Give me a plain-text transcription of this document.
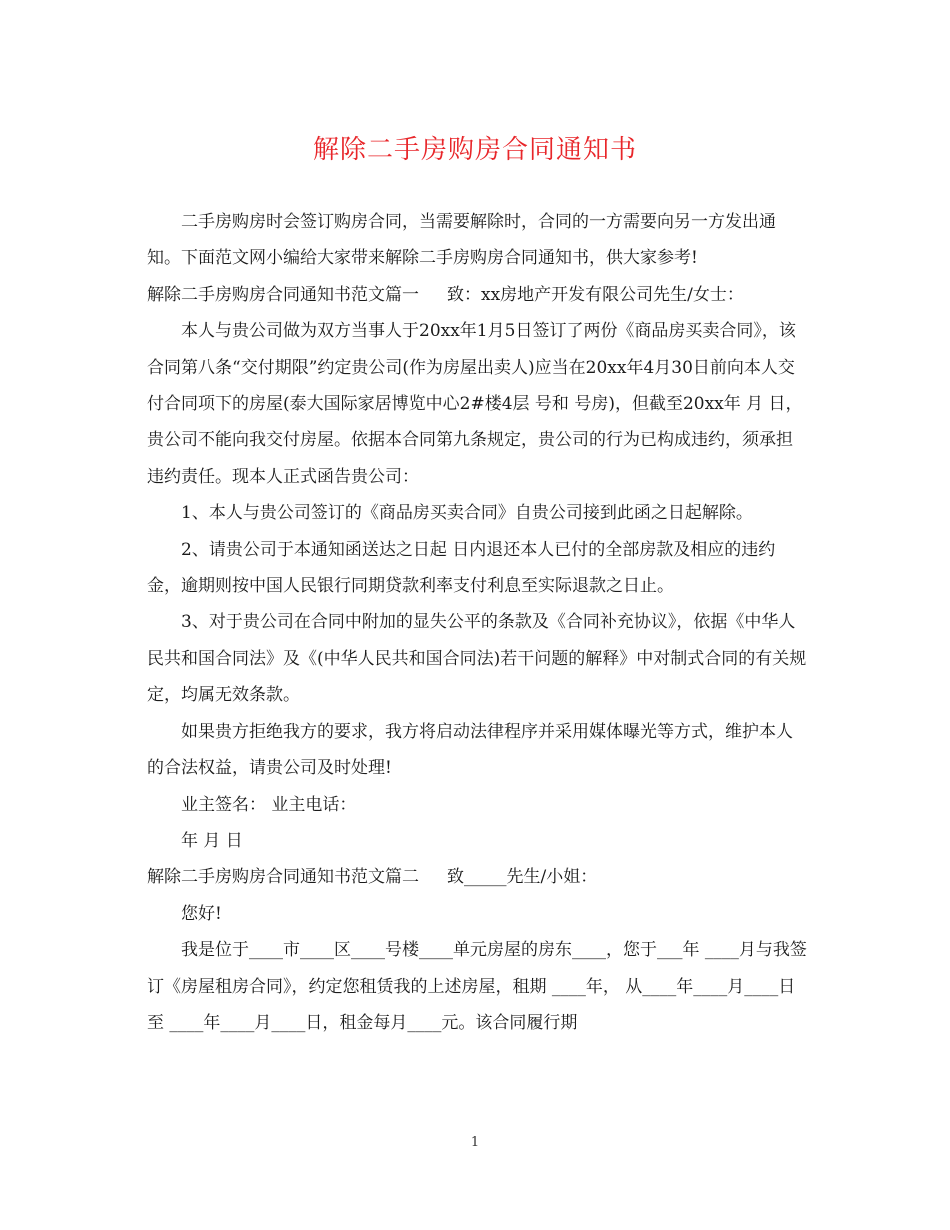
解除二手房购房合同通知书

二手房购房时会签订购房合同，当需要解除时，合同的一方需要向另一方发出通知。下面范文网小编给大家带来解除二手房购房合同通知书，供大家参考!

解除二手房购房合同通知书范文篇一 致：xx房地产开发有限公司先生/女士：

本人与贵公司做为双方当事人于20xx年1月5日签订了两份《商品房买卖合同》，该合同第八条“交付期限”约定贵公司(作为房屋出卖人)应当在20xx年4月30日前向本人交付合同项下的房屋(泰大国际家居博览中心2#楼4层 号和 号房)，但截至20xx年 月 日，贵公司不能向我交付房屋。依据本合同第九条规定，贵公司的行为已构成违约，须承担违约责任。现本人正式函告贵公司：

1、本人与贵公司签订的《商品房买卖合同》自贵公司接到此函之日起解除。

2、请贵公司于本通知函送达之日起 日内退还本人已付的全部房款及相应的违约金，逾期则按中国人民银行同期贷款利率支付利息至实际退款之日止。

3、对于贵公司在合同中附加的显失公平的条款及《合同补充协议》，依据《中华人民共和国合同法》及《(中华人民共和国合同法)若干问题的解释》中对制式合同的有关规定，均属无效条款。

如果贵方拒绝我方的要求，我方将启动法律程序并采用媒体曝光等方式，维护本人的合法权益，请贵公司及时处理!

业主签名： 业主电话：

年 月 日

解除二手房购房合同通知书范文篇二 致_____先生/小姐：

您好!

我是位于____市____区____号楼____单元房屋的房东____，您于___年 ____月与我签订《房屋租房合同》，约定您租赁我的上述房屋，租期 ____年， 从____年____月____日至 ____年____月____日，租金每月____元。该合同履行期

1
